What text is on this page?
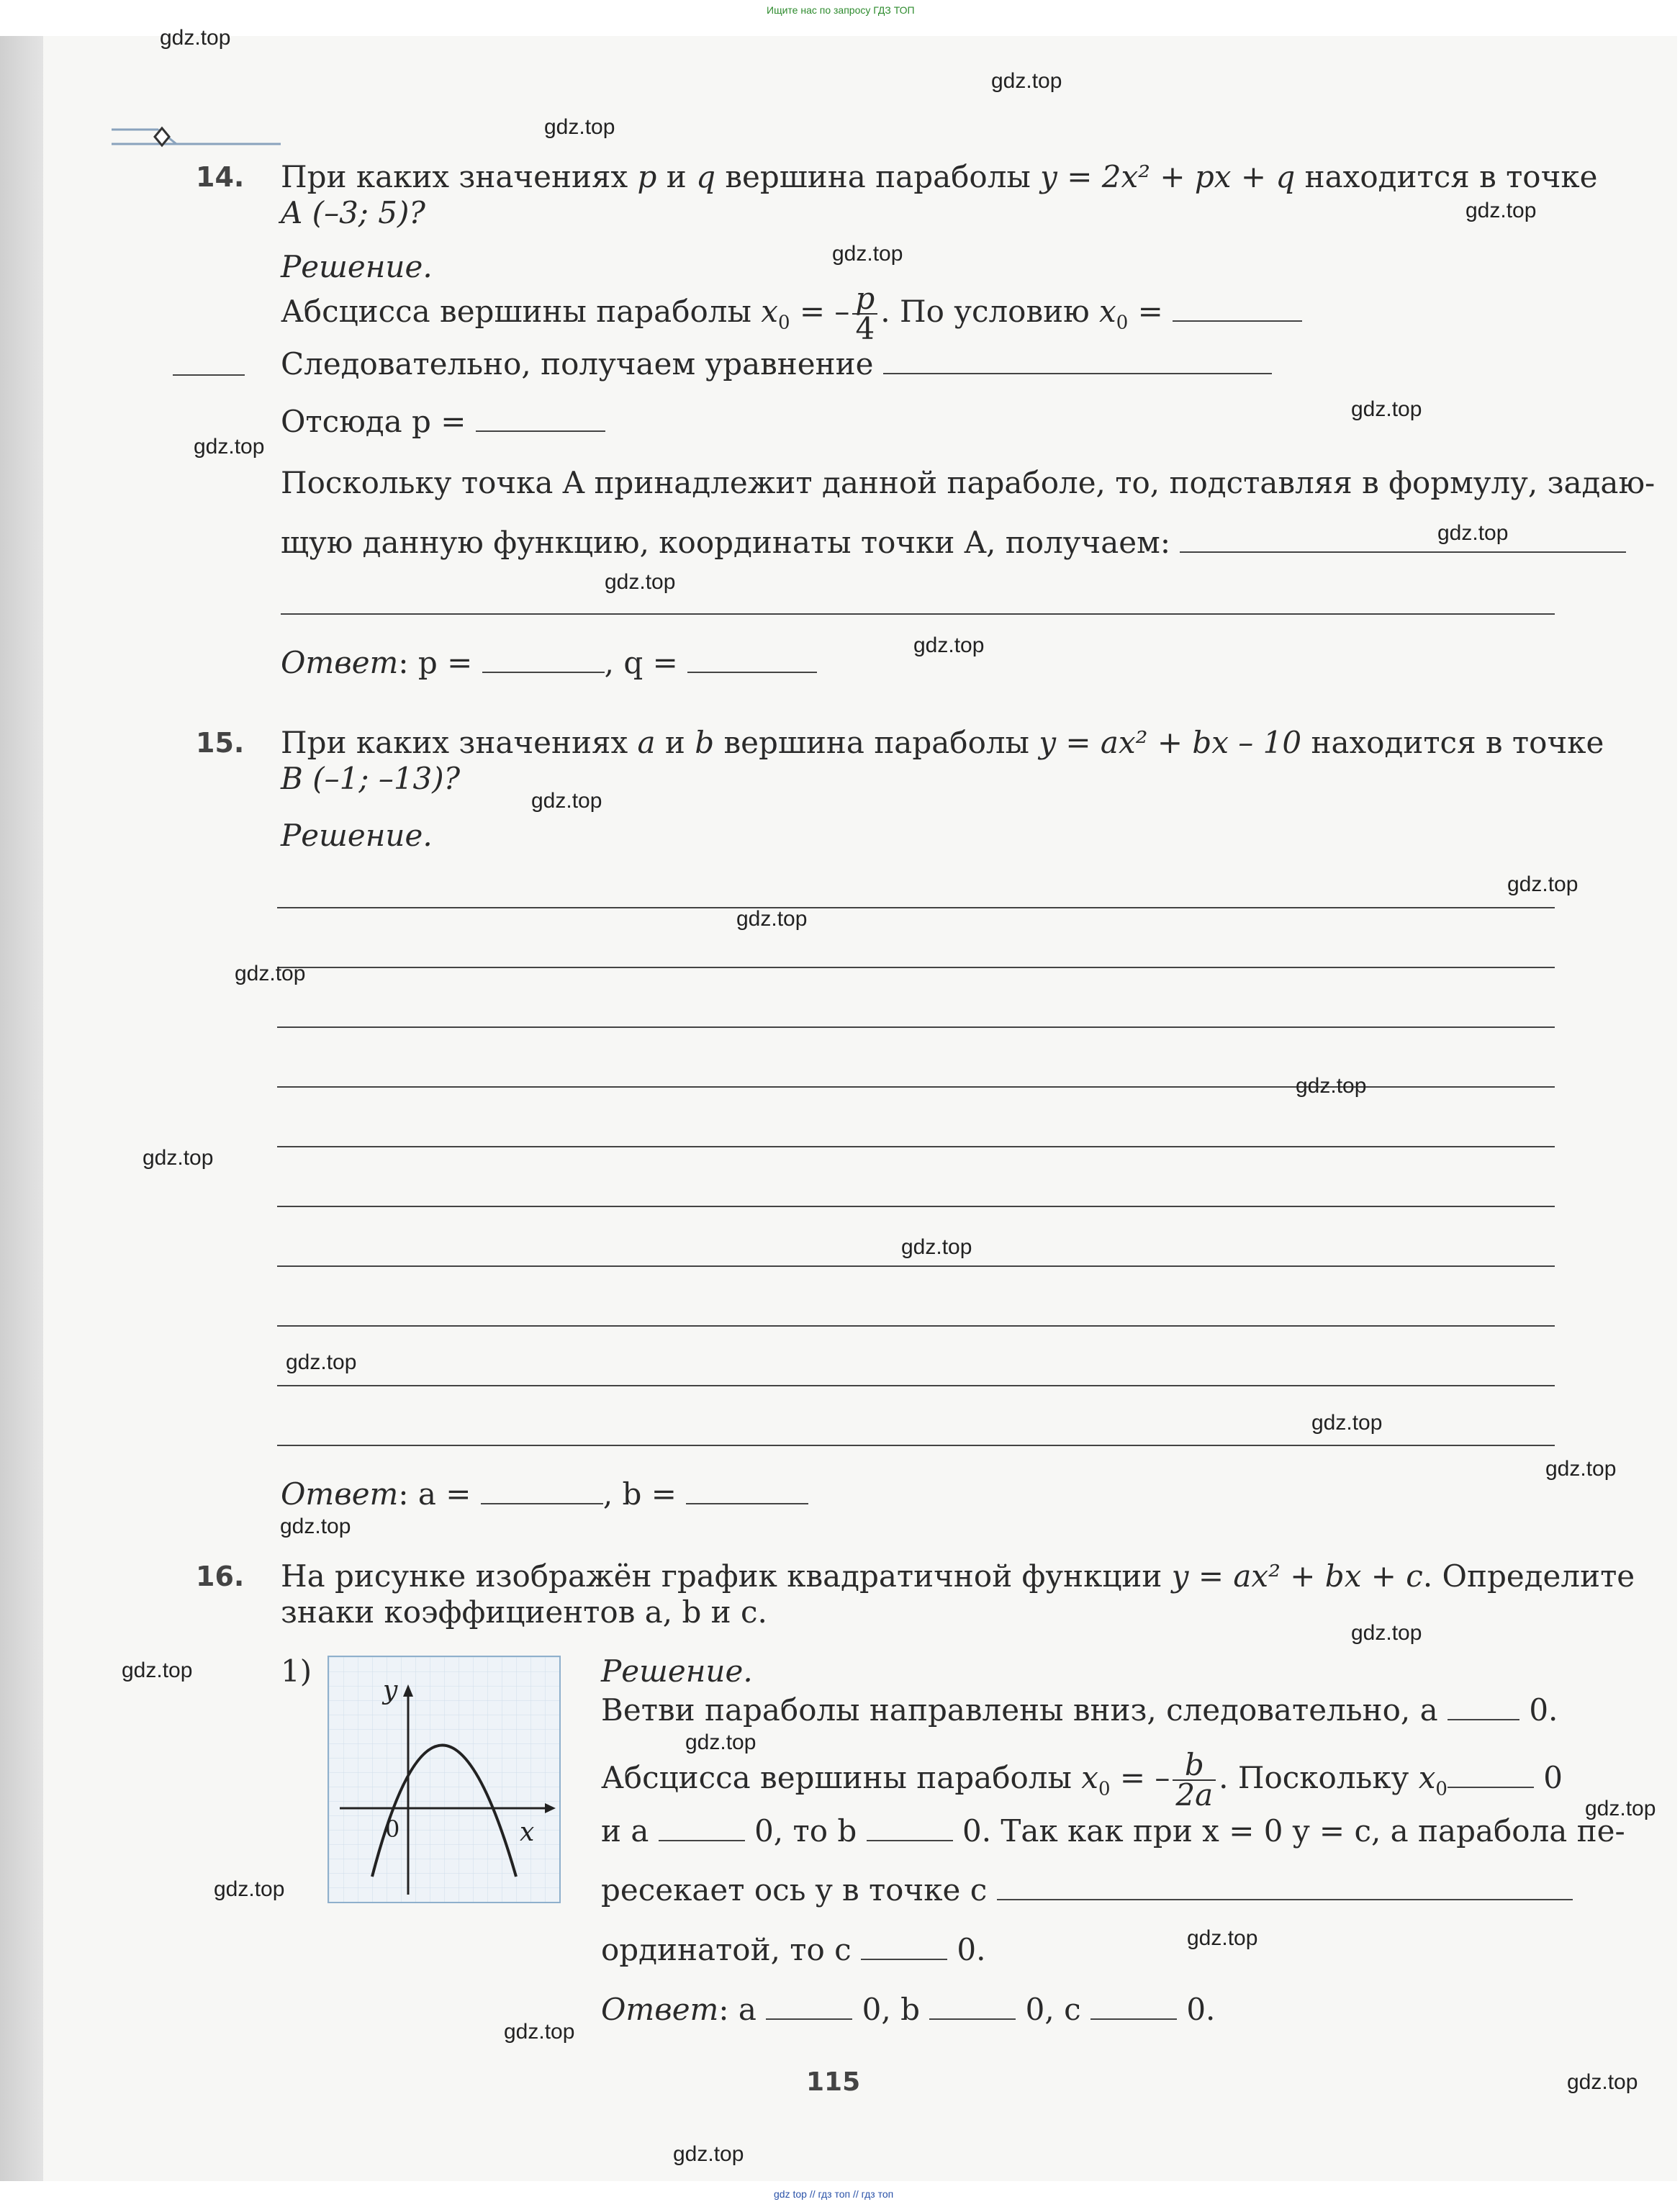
Ищите нас по запросу ГДЗ ТОП
14. При каких значениях p и q вершина параболы y = 2x² + px + q находится в точке
A (–3; 5)?
Решение.
Абсцисса вершины параболы $x_0$ = – $\frac{p}{4}$ . По условию $x_0$ =
Следовательно, получаем уравнение
Отсюда p =
Поскольку точка A принадлежит данной параболе, то, подставляя в формулу, задаю-
щую данную функцию, координаты точки A, получаем:
Ответ: p =	, q =
15. При каких значениях a и b вершина параболы y = ax² + bx – 10 находится в точке
B (–1; –13)?
Решение.
Ответ: a =	, b =
16. На рисунке изображён график квадратичной функции y = ax² + bx + c. Определите
знаки коэффициентов a, b и c.
1)
y
x
0
Решение.
Ветви параболы направлены вниз, следовательно, a  0.
Абсцисса вершины параболы $x_0$ = – $\frac{b}{2a}$ . Поскольку $x_0$	0
и a	0, то b	0. Так как при x = 0 y = c, а парабола пе-
ресекает ось y в точке с
ординатой, то c	0.
Ответ: a	0, b	0, c	0.
115
gdz.top
gdz.top
gdz.top
gdz.top
gdz.top
gdz.top
gdz.top
gdz.top
gdz.top
gdz.top
gdz.top
gdz.top
gdz.top
gdz.top
gdz.top
gdz.top
gdz.top
gdz.top
gdz.top
gdz.top
gdz.top
gdz.top
gdz.top
gdz.top
gdz.top
gdz.top
gdz.top
gdz.top
gdz top // гдз топ // гдз топ
gdz.top
gdz.top
